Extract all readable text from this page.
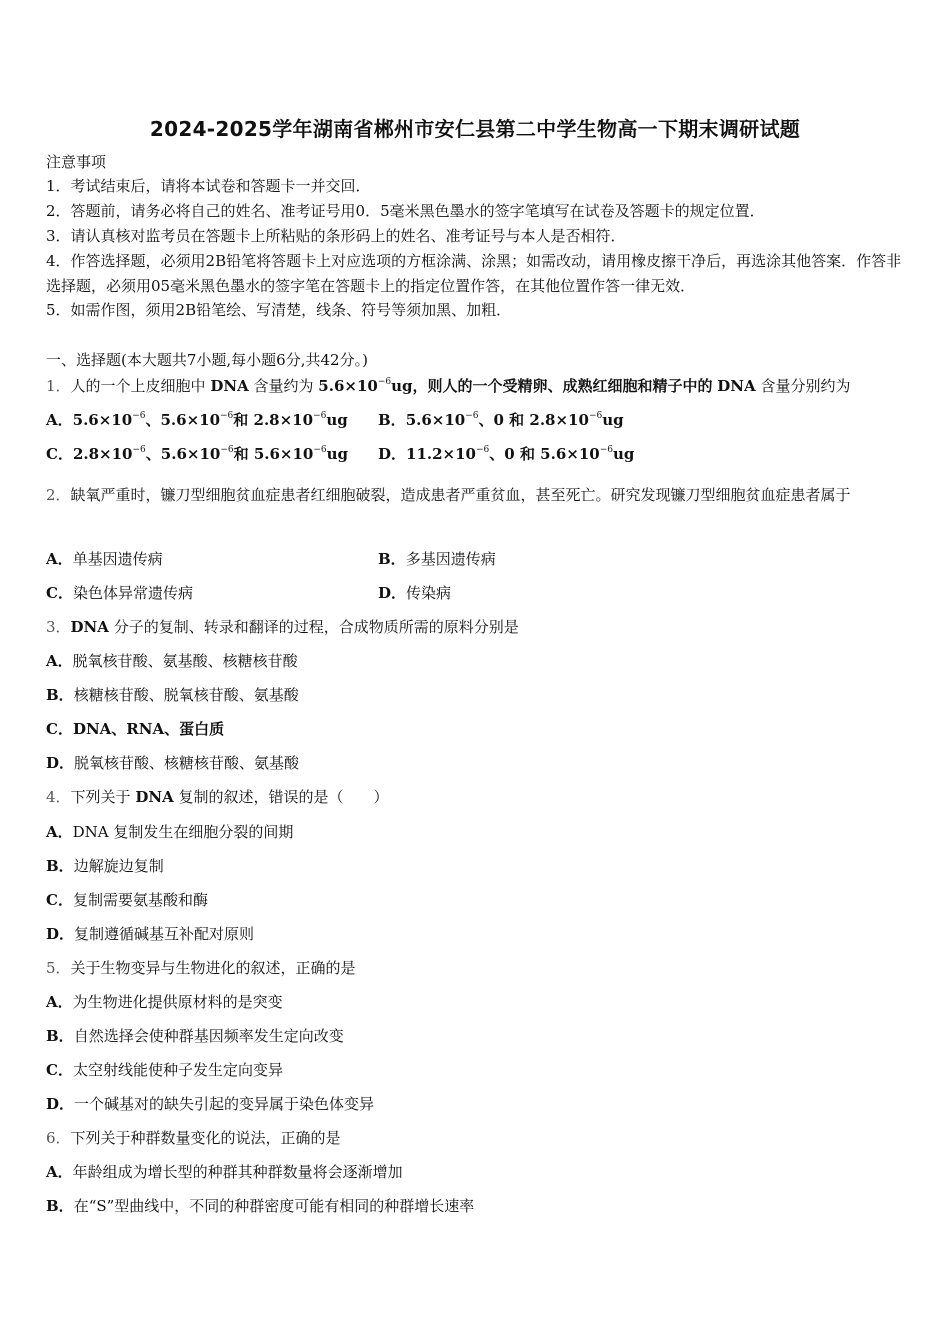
2024-2025学年湖南省郴州市安仁县第二中学生物高一下期末调研试题
注意事项
1．考试结束后，请将本试卷和答题卡一并交回．
2．答题前，请务必将自己的姓名、准考证号用0．5毫米黑色墨水的签字笔填写在试卷及答题卡的规定位置．
3．请认真核对监考员在答题卡上所粘贴的条形码上的姓名、准考证号与本人是否相符．
4．作答选择题，必须用2B铅笔将答题卡上对应选项的方框涂满、涂黑；如需改动，请用橡皮擦干净后，再选涂其他答案．作答非选择题，必须用05毫米黑色墨水的签字笔在答题卡上的指定位置作答，在其他位置作答一律无效．
5．如需作图，须用2B铅笔绘、写清楚，线条、符号等须加黑、加粗．
一、选择题(本大题共7小题,每小题6分,共42分。)
1．人的一个上皮细胞中 DNA 含量约为 $5.6\times 10^{-6}ug$，则人的一个受精卵、成熟红细胞和精子中的 DNA 含量分别约为
A．$5.6\times 10^{-6}$、$5.6\times 10^{-6}$和 $2.8\times 10^{-6}ug$ B．$5.6\times 10^{-6}$、0 和 $2.8\times 10^{-6}ug$
C．$2.8\times 10^{-6}$、$5.6\times 10^{-6}$和 $5.6\times 10^{-6}ug$ D．$11.2\times 10^{-6}$、0 和 $5.6\times 10^{-6}ug$
2．缺氧严重时，镰刀型细胞贫血症患者红细胞破裂，造成患者严重贫血，甚至死亡。研究发现镰刀型细胞贫血症患者属于
A．单基因遗传病	B．多基因遗传病
C．染色体异常遗传病	D．传染病
3．DNA 分子的复制、转录和翻译的过程，合成物质所需的原料分别是
A．脱氧核苷酸、氨基酸、核糖核苷酸
B．核糖核苷酸、脱氧核苷酸、氨基酸
C．DNA、RNA、蛋白质
D．脱氧核苷酸、核糖核苷酸、氨基酸
4．下列关于 DNA 复制的叙述，错误的是（　　）
A．DNA 复制发生在细胞分裂的间期
B．边解旋边复制
C．复制需要氨基酸和酶
D．复制遵循碱基互补配对原则
5．关于生物变异与生物进化的叙述，正确的是
A．为生物进化提供原材料的是突变
B．自然选择会使种群基因频率发生定向改变
C．太空射线能使种子发生定向变异
D．一个碱基对的缺失引起的变异属于染色体变异
6．下列关于种群数量变化的说法，正确的是
A．年龄组成为增长型的种群其种群数量将会逐渐增加
B．在“S”型曲线中，不同的种群密度可能有相同的种群增长速率
